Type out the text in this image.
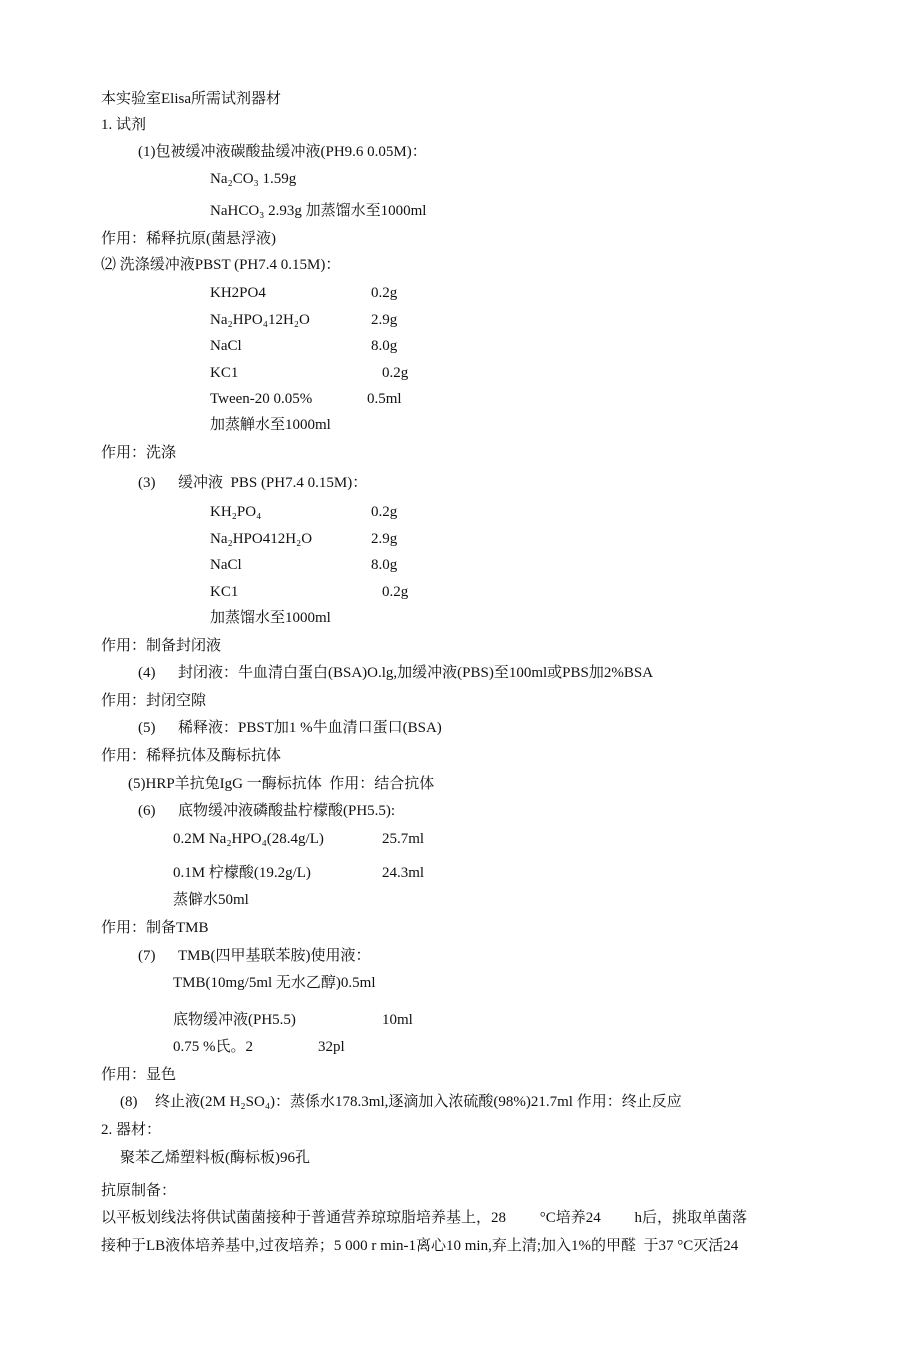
本实验室Elisa所需试剂器材
1. 试剂
(1)包被缓冲液碳酸盐缓冲液(PH9.6 0.05M)：
Na₂CO₃ 1.59g
NaHCO₃ 2.93g 加蒸馏水至1000ml
作用：稀释抗原(菌悬浮液)
⑵ 洗涤缓冲液PBST (PH7.4 0.15M)：
KH2PO4	0.2g
Na₂HPO₄12H₂O	2.9g
NaCl	8.0g
KC1	0.2g
Tween-20 0.05%	0.5ml
加蒸觯水至1000ml
作用：洗涤
(3) 缓冲液  PBS (PH7.4 0.15M)：
KH₂PO₄	0.2g
Na₂HPO412H₂O	2.9g
NaCl	8.0g
KC1	0.2g
加蒸馏水至1000ml
作用：制备封闭液
(4) 封闭液：牛血清白蛋白(BSA)O.lg,加缓冲液(PBS)至100ml或PBS加2%BSA
作用：封闭空隙
(5) 稀释液：PBST加1 %牛血清口蛋口(BSA)
作用：稀释抗体及酶标抗体
(5)HRP羊抗兔IgG 一酶标抗体  作用：结合抗体
(6) 底物缓冲液磷酸盐柠檬酸(PH5.5):
0.2M Na₂HPO₄(28.4g/L)	25.7ml
0.1M 柠檬酸(19.2g/L)	24.3ml
蒸僻水50ml
作用：制备TMB
(7) TMB(四甲基联苯胺)使用液：
TMB(10mg/5ml 无水乙醇)0.5ml
底物缓冲液(PH5.5)	10ml
0.75 %氏。2	32pl
作用：显色
(8) 终止液(2M H₂SO₄)：蒸係水178.3ml,逐滴加入浓硫酸(98%)21.7ml 作用：终止反应
2. 器材：
聚苯乙烯塑料板(酶标板)96孔
抗原制备：
以平板划线法将供试菌菌接种于普通营养琼琼脂培养基上，28         °C培养24         h后，挑取单菌落
接种于LB液体培养基中,过夜培养；5 000 r min-1离心10 min,弃上清;加入1%的甲醛  于37 °C灭活24
